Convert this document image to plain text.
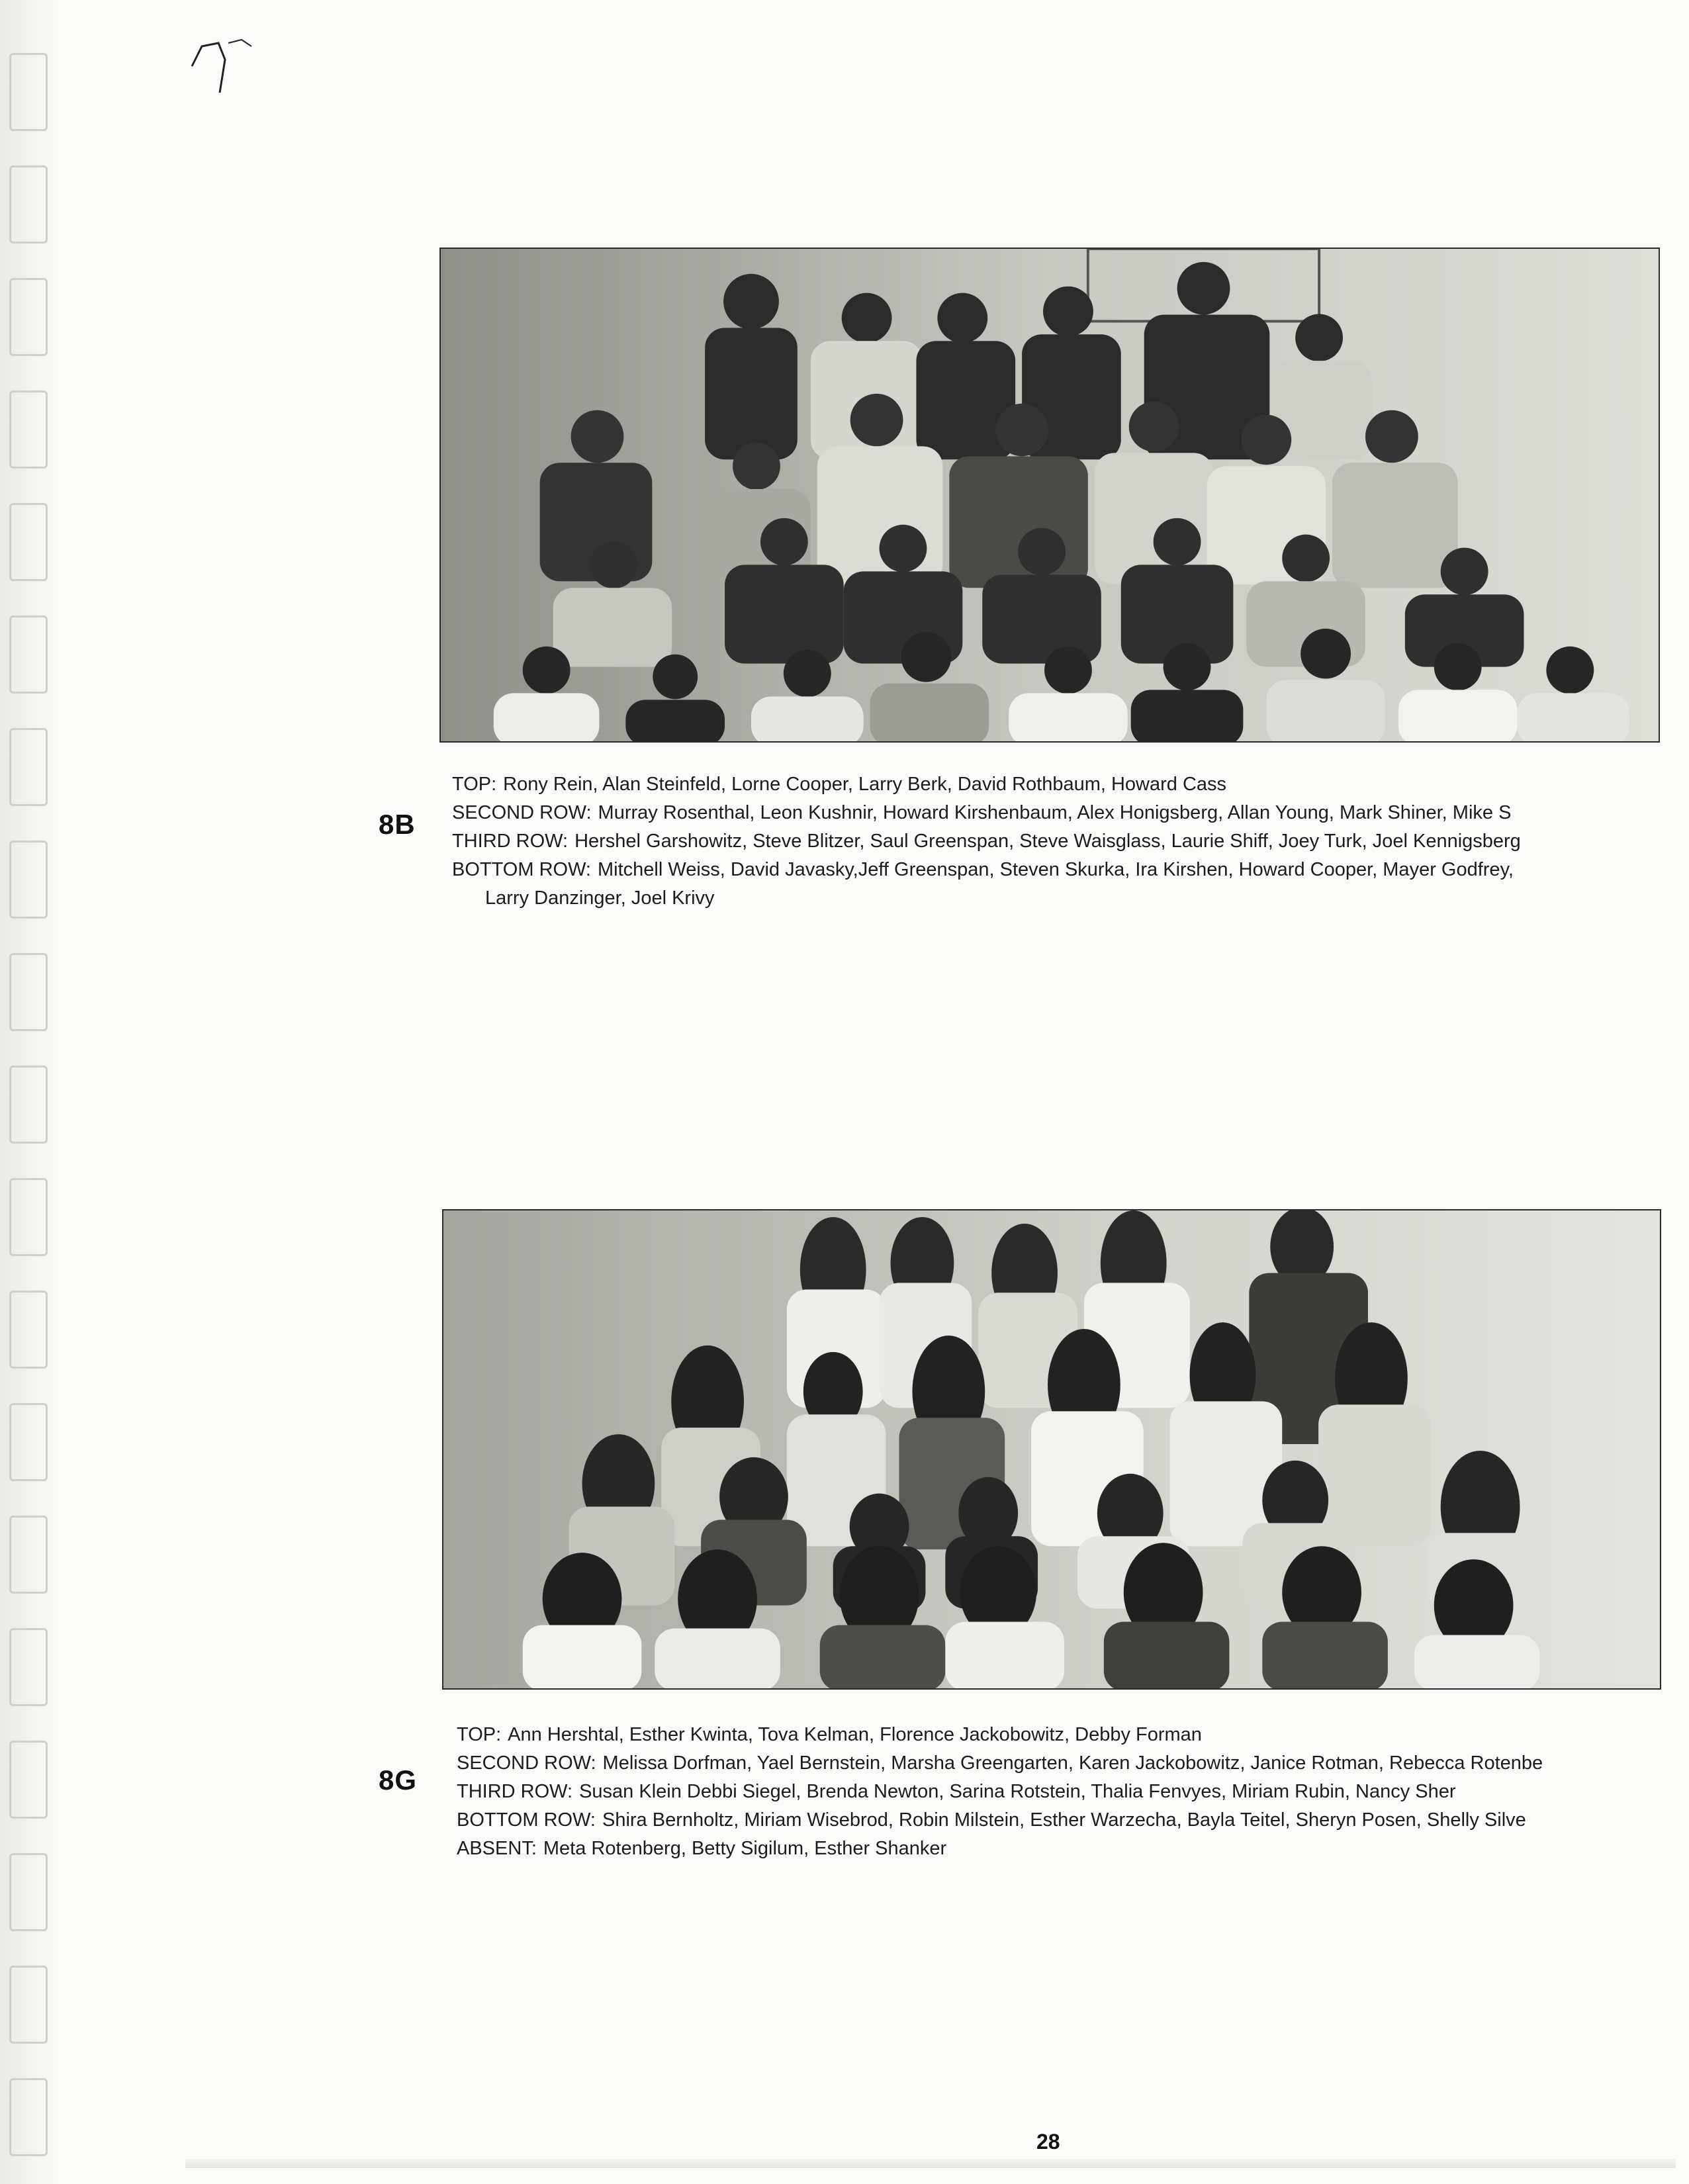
8B
TOP: Rony Rein, Alan Steinfeld, Lorne Cooper, Larry Berk, David Rothbaum, Howard Cass
SECOND ROW: Murray Rosenthal, Leon Kushnir, Howard Kirshenbaum, Alex Honigsberg, Allan Young, Mark Shiner, Mike S
THIRD ROW: Hershel Garshowitz, Steve Blitzer, Saul Greenspan, Steve Waisglass, Laurie Shiff, Joey Turk, Joel Kennigsberg
BOTTOM ROW: Mitchell Weiss, David Javasky,Jeff Greenspan, Steven Skurka, Ira Kirshen, Howard Cooper, Mayer Godfrey,
Larry Danzinger, Joel Krivy
8G
TOP: Ann Hershtal, Esther Kwinta, Tova Kelman, Florence Jackobowitz, Debby Forman
SECOND ROW: Melissa Dorfman, Yael Bernstein, Marsha Greengarten, Karen Jackobowitz, Janice Rotman, Rebecca Rotenbe
THIRD ROW: Susan Klein Debbi Siegel, Brenda Newton, Sarina Rotstein, Thalia Fenvyes, Miriam Rubin, Nancy Sher
BOTTOM ROW: Shira Bernholtz, Miriam Wisebrod, Robin Milstein, Esther Warzecha, Bayla Teitel, Sheryn Posen, Shelly Silve
ABSENT: Meta Rotenberg, Betty Sigilum, Esther Shanker
28
